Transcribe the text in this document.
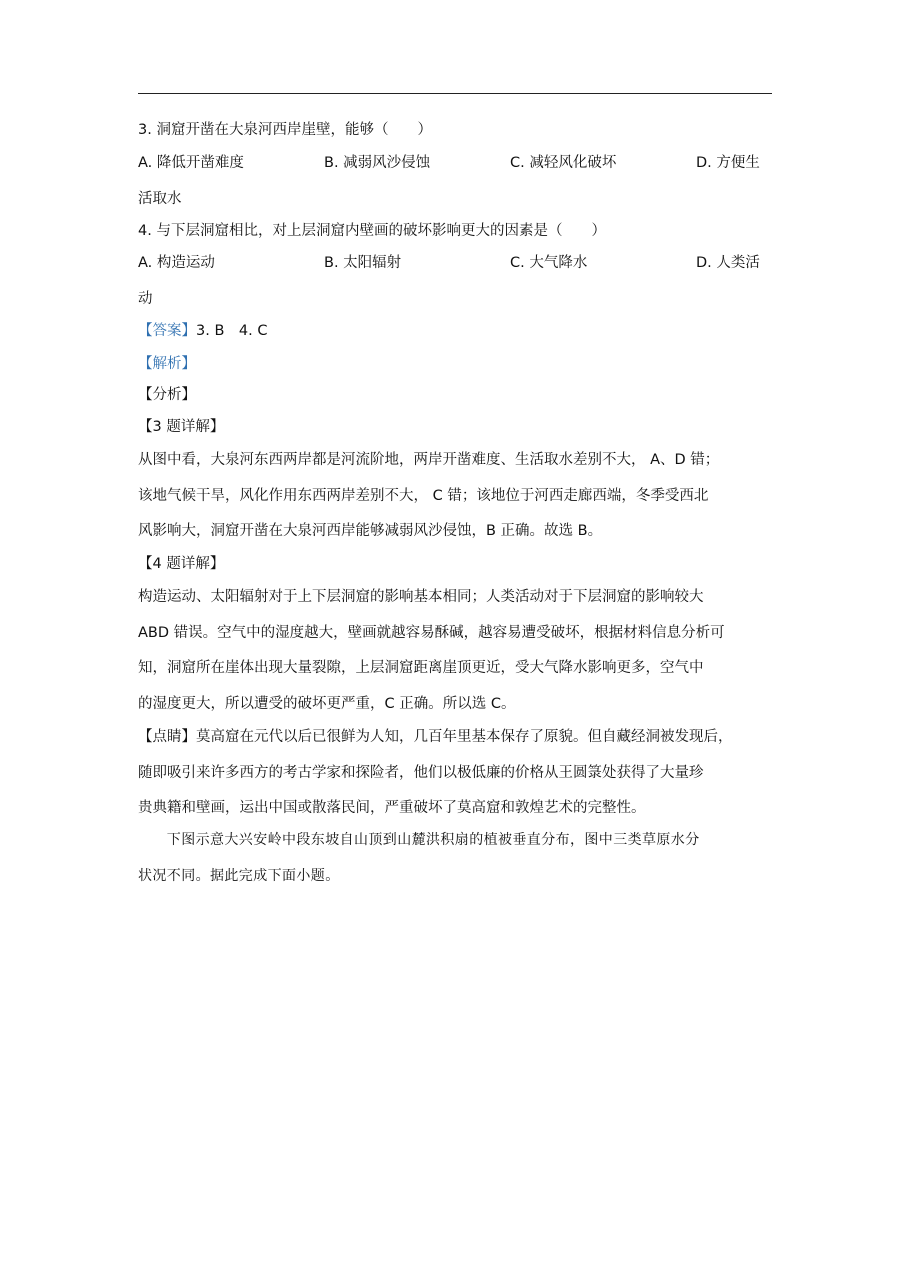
3. 洞窟开凿在大泉河西岸崖壁，能够（　　）
A. 降低开凿难度	B. 减弱风沙侵蚀	C. 减轻风化破坏	D. 方便生
活取水
4. 与下层洞窟相比，对上层洞窟内壁画的破坏影响更大的因素是（　　）
A. 构造运动	B. 太阳辐射	C. 大气降水	D. 人类活
动
【答案】3. B　4. C
【解析】
【分析】
【3 题详解】
从图中看，大泉河东西两岸都是河流阶地，两岸开凿难度、生活取水差别不大， A、D 错；
该地气候干旱，风化作用东西两岸差别不大， C 错；该地位于河西走廊西端，冬季受西北
风影响大，洞窟开凿在大泉河西岸能够减弱风沙侵蚀，B 正确。故选 B。
【4 题详解】
构造运动、太阳辐射对于上下层洞窟的影响基本相同；人类活动对于下层洞窟的影响较大
ABD 错误。空气中的湿度越大，壁画就越容易酥碱，越容易遭受破坏，根据材料信息分析可
知，洞窟所在崖体出现大量裂隙，上层洞窟距离崖顶更近，受大气降水影响更多，空气中
的湿度更大，所以遭受的破坏更严重，C 正确。所以选 C。
【点睛】莫高窟在元代以后已很鲜为人知，几百年里基本保存了原貌。但自藏经洞被发现后，
随即吸引来许多西方的考古学家和探险者，他们以极低廉的价格从王圆箓处获得了大量珍
贵典籍和壁画，运出中国或散落民间，严重破坏了莫高窟和敦煌艺术的完整性。
　　下图示意大兴安岭中段东坡自山顶到山麓洪积扇的植被垂直分布，图中三类草原水分
状况不同。据此完成下面小题。
